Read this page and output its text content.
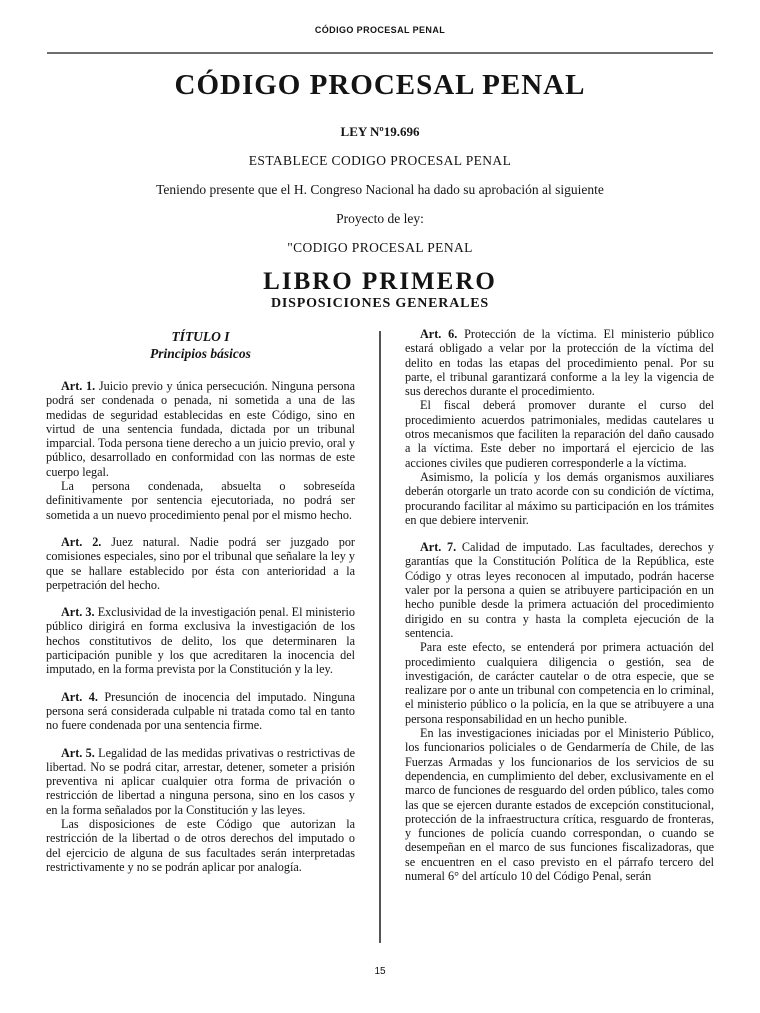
CÓDIGO PROCESAL PENAL
CÓDIGO PROCESAL PENAL

LEY Nº19.696

ESTABLECE CODIGO PROCESAL PENAL

Teniendo presente que el H. Congreso Nacional ha dado su aprobación al siguiente

Proyecto de ley:

"CODIGO PROCESAL PENAL

LIBRO PRIMERO
DISPOSICIONES GENERALES
TÍTULO I
Principios básicos

Art. 1. Juicio previo y única persecución. Ninguna persona podrá ser condenada o penada, ni sometida a una de las medidas de seguridad establecidas en este Código, sino en virtud de una sentencia fundada, dictada por un tribunal imparcial. Toda persona tiene derecho a un juicio previo, oral y público, desarrollado en conformidad con las normas de este cuerpo legal.

La persona condenada, absuelta o sobreseída definitivamente por sentencia ejecutoriada, no podrá ser sometida a un nuevo procedimiento penal por el mismo hecho.

Art. 2. Juez natural. Nadie podrá ser juzgado por comisiones especiales, sino por el tribunal que señalare la ley y que se hallare establecido por ésta con anterioridad a la perpetración del hecho.

Art. 3. Exclusividad de la investigación penal. El ministerio público dirigirá en forma exclusiva la investigación de los hechos constitutivos de delito, los que determinaren la participación punible y los que acreditaren la inocencia del imputado, en la forma prevista por la Constitución y la ley.

Art. 4. Presunción de inocencia del imputado. Ninguna persona será considerada culpable ni tratada como tal en tanto no fuere condenada por una sentencia firme.

Art. 5. Legalidad de las medidas privativas o restrictivas de libertad. No se podrá citar, arrestar, detener, someter a prisión preventiva ni aplicar cualquier otra forma de privación o restricción de libertad a ninguna persona, sino en los casos y en la forma señalados por la Constitución y las leyes.

Las disposiciones de este Código que autorizan la restricción de la libertad o de otros derechos del imputado o del ejercicio de alguna de sus facultades serán interpretadas restrictivamente y no se podrán aplicar por analogía.

Art. 6. Protección de la víctima. El ministerio público estará obligado a velar por la protección de la víctima del delito en todas las etapas del procedimiento penal. Por su parte, el tribunal garantizará conforme a la ley la vigencia de sus derechos durante el procedimiento.

El fiscal deberá promover durante el curso del procedimiento acuerdos patrimoniales, medidas cautelares u otros mecanismos que faciliten la reparación del daño causado a la víctima. Este deber no importará el ejercicio de las acciones civiles que pudieren corresponderle a la víctima.

Asimismo, la policía y los demás organismos auxiliares deberán otorgarle un trato acorde con su condición de víctima, procurando facilitar al máximo su participación en los trámites en que debiere intervenir.

Art. 7. Calidad de imputado. Las facultades, derechos y garantías que la Constitución Política de la República, este Código y otras leyes reconocen al imputado, podrán hacerse valer por la persona a quien se atribuyere participación en un hecho punible desde la primera actuación del procedimiento dirigido en su contra y hasta la completa ejecución de la sentencia.

Para este efecto, se entenderá por primera actuación del procedimiento cualquiera diligencia o gestión, sea de investigación, de carácter cautelar o de otra especie, que se realizare por o ante un tribunal con competencia en lo criminal, el ministerio público o la policía, en la que se atribuyere a una persona responsabilidad en un hecho punible.

En las investigaciones iniciadas por el Ministerio Público, los funcionarios policiales o de Gendarmería de Chile, de las Fuerzas Armadas y los funcionarios de los servicios de su dependencia, en cumplimiento del deber, exclusivamente en el marco de funciones de resguardo del orden público, tales como las que se ejercen durante estados de excepción constitucional, protección de la infraestructura crítica, resguardo de fronteras, y funciones de policía cuando correspondan, o cuando se desempeñan en el marco de sus funciones fiscalizadoras, que se encuentren en el caso previsto en el párrafo tercero del numeral 6° del artículo 10 del Código Penal, serán

15
